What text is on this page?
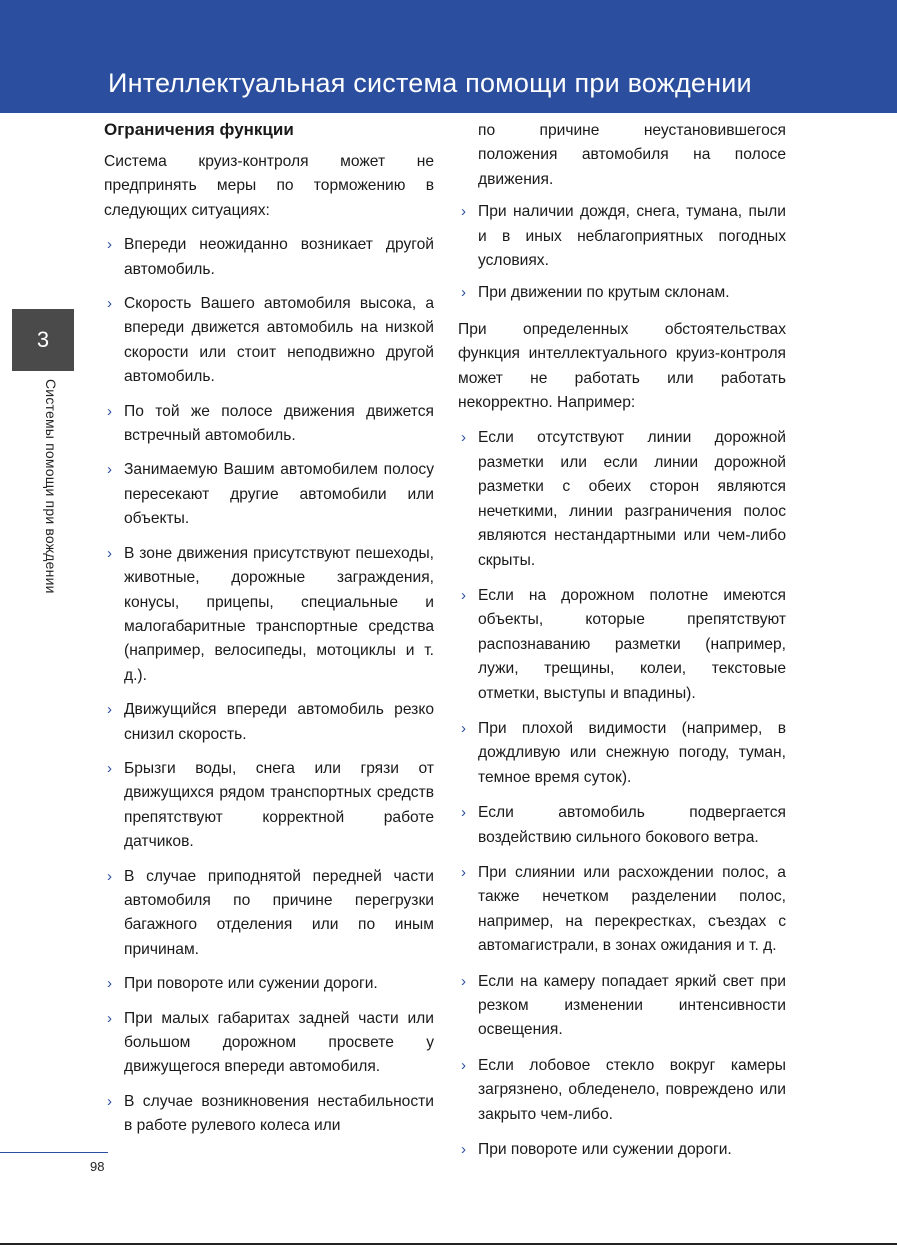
Интеллектуальная система помощи при вождении
3
Системы помощи при вождении
Ограничения функции
Система круиз-контроля может не предпринять меры по торможению в следующих ситуациях:
› Впереди неожиданно возникает другой автомобиль.
› Скорость Вашего автомобиля высока, а впереди движется автомобиль на низкой скорости или стоит неподвижно другой автомобиль.
› По той же полосе движения движется встречный автомобиль.
› Занимаемую Вашим автомобилем полосу пересекают другие автомобили или объекты.
› В зоне движения присутствуют пешеходы, животные, дорожные заграждения, конусы, прицепы, специальные и малогабаритные транспортные средства (например, велосипеды, мотоциклы и т. д.).
› Движущийся впереди автомобиль резко снизил скорость.
› Брызги воды, снега или грязи от движущихся рядом транспортных средств препятствуют корректной работе датчиков.
› В случае приподнятой передней части автомобиля по причине перегрузки багажного отделения или по иным причинам.
› При повороте или сужении дороги.
› При малых габаритах задней части или большом дорожном просвете у движущегося впереди автомобиля.
› В случае возникновения нестабильности в работе рулевого колеса или
по причине неустановившегося положения автомобиля на полосе движения.
› При наличии дождя, снега, тумана, пыли и в иных неблагоприятных погодных условиях.
› При движении по крутым склонам.
При определенных обстоятельствах функция интеллектуального круиз-контроля может не работать или работать некорректно. Например:
› Если отсутствуют линии дорожной разметки или если линии дорожной разметки с обеих сторон являются нечеткими, линии разграничения полос являются нестандартными или чем-либо скрыты.
› Если на дорожном полотне имеются объекты, которые препятствуют распознаванию разметки (например, лужи, трещины, колеи, текстовые отметки, выступы и впадины).
› При плохой видимости (например, в дождливую или снежную погоду, туман, темное время суток).
› Если автомобиль подвергается воздействию сильного бокового ветра.
› При слиянии или расхождении полос, а также нечетком разделении полос, например, на перекрестках, съездах с автомагистрали, в зонах ожидания и т. д.
› Если на камеру попадает яркий свет при резком изменении интенсивности освещения.
› Если лобовое стекло вокруг камеры загрязнено, обледенело, повреждено или закрыто чем-либо.
› При повороте или сужении дороги.
98
